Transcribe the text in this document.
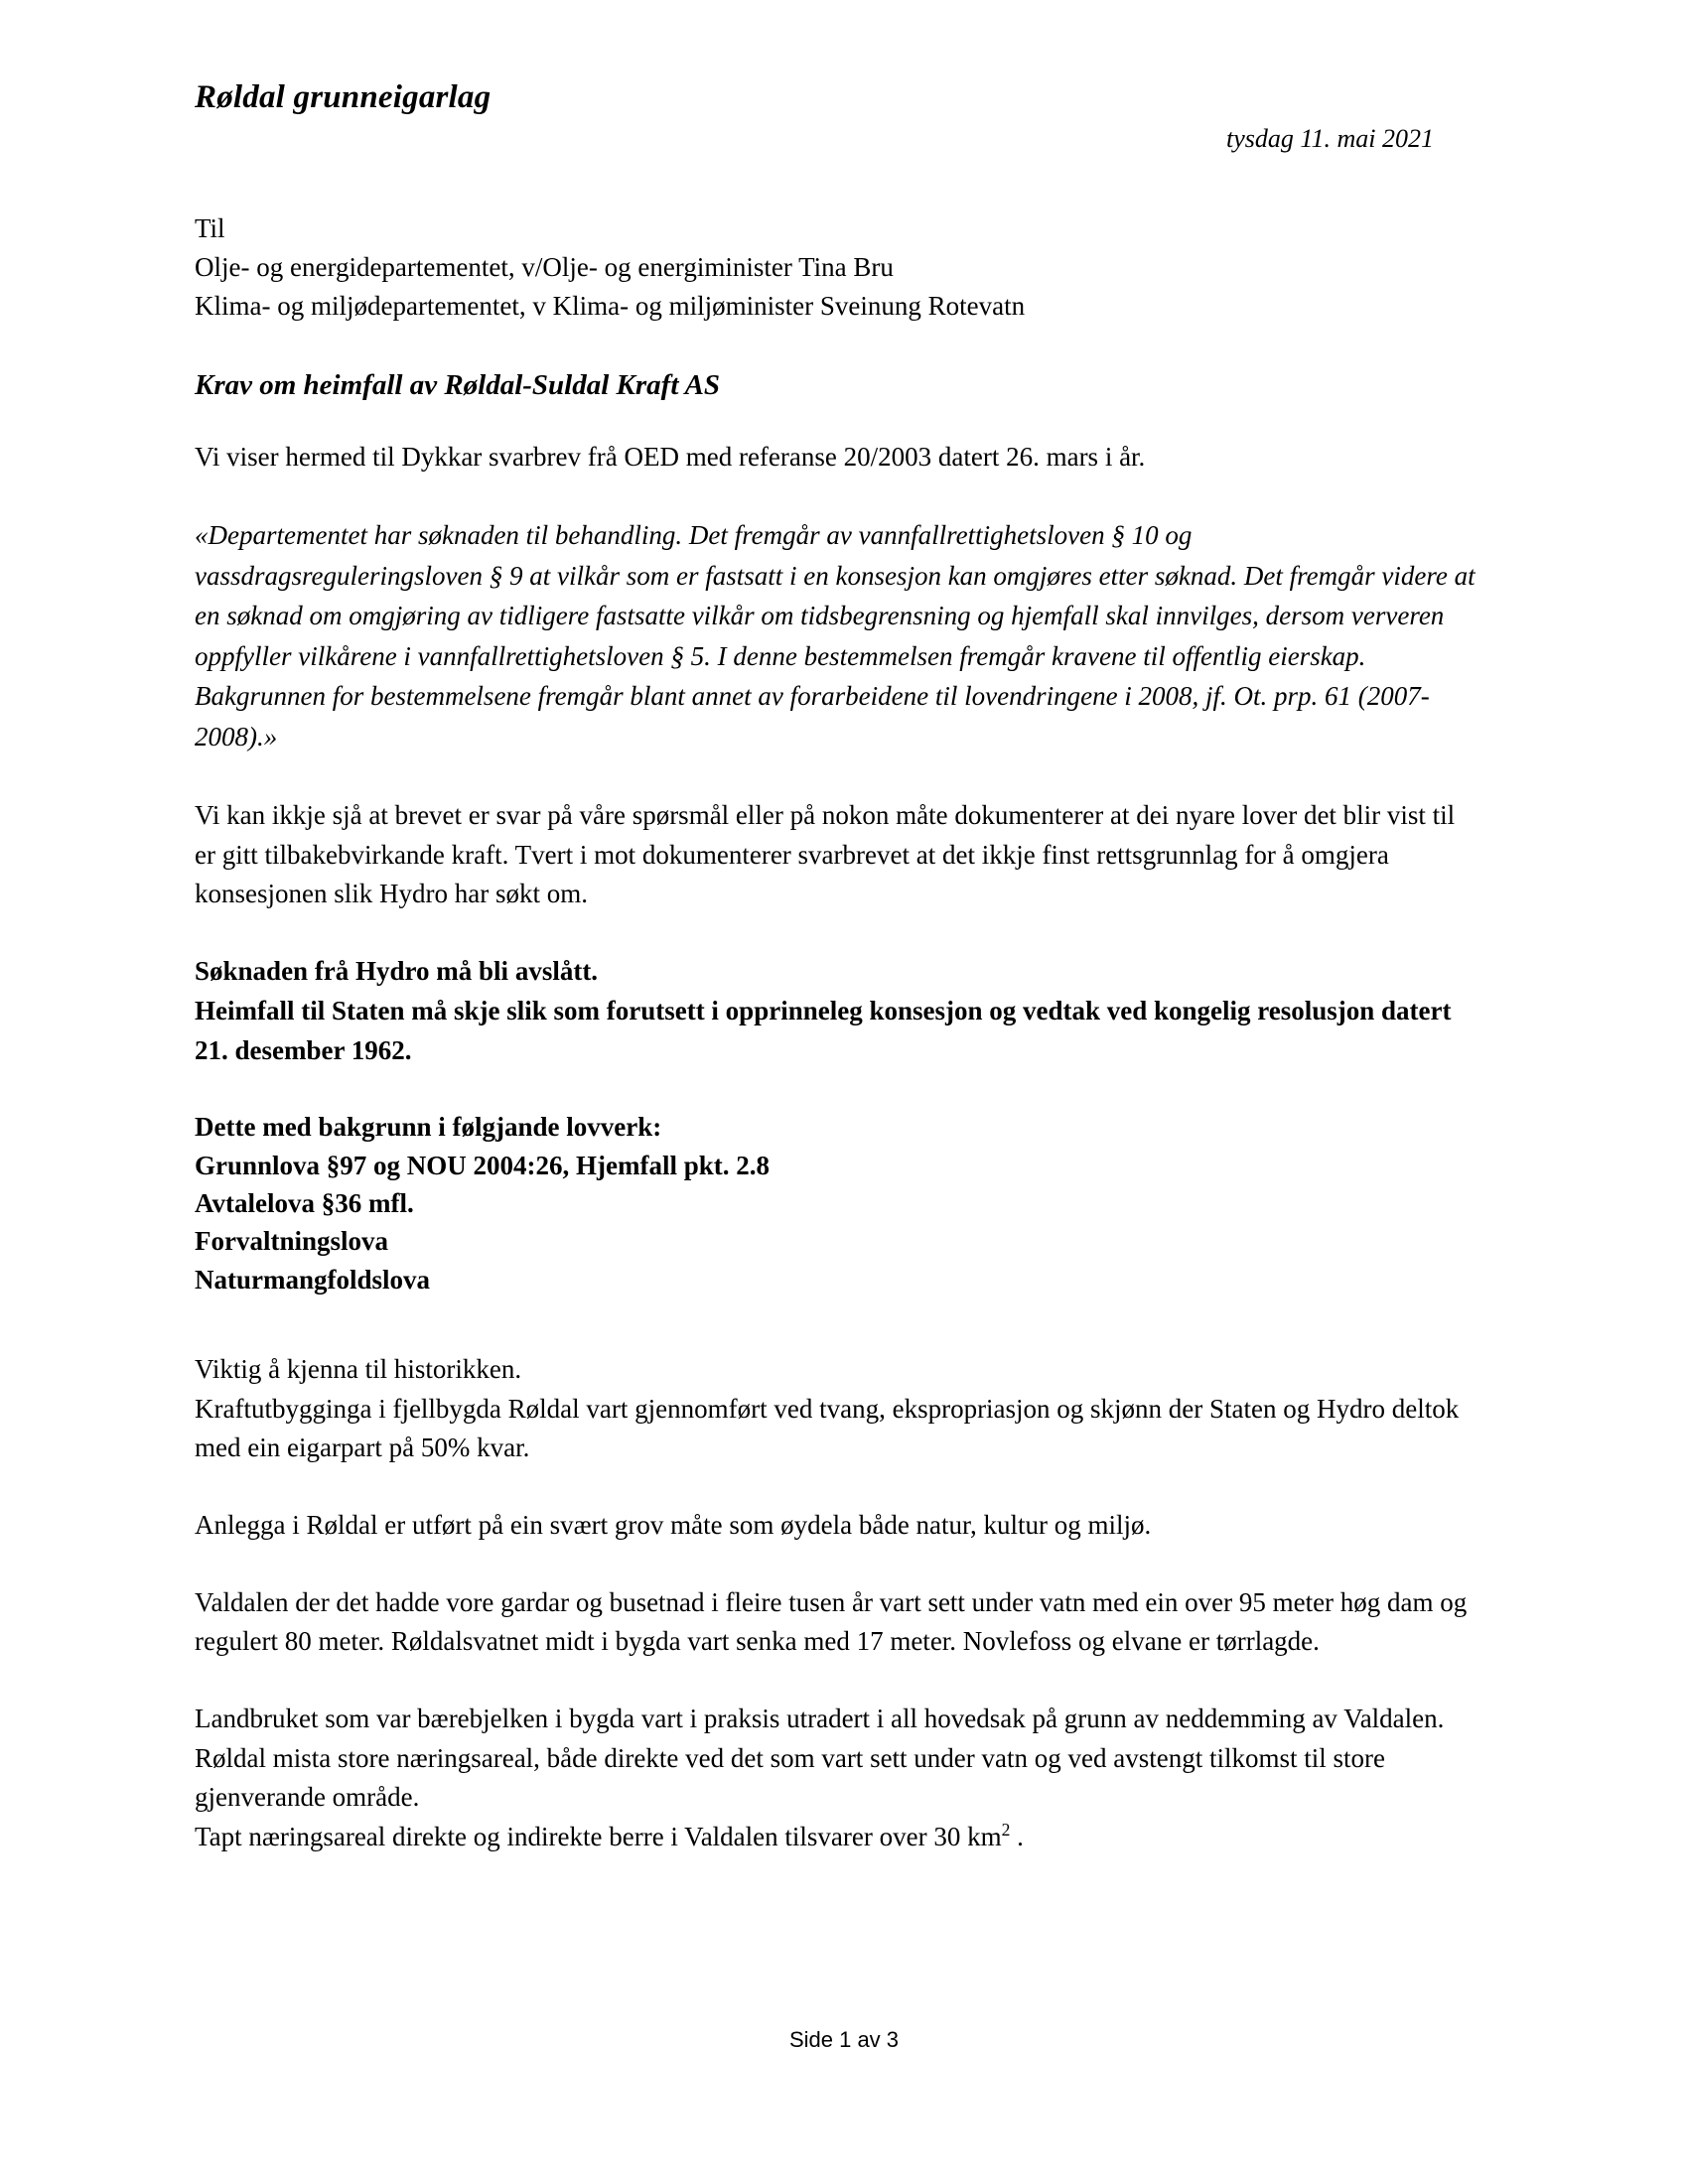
Røldal grunneigarlag
tysdag 11. mai 2021
Til
Olje- og energidepartementet, v/Olje- og energiminister Tina Bru
Klima- og miljødepartementet, v Klima- og miljøminister Sveinung Rotevatn
Krav om heimfall av Røldal-Suldal Kraft AS
Vi viser hermed til Dykkar svarbrev frå OED med referanse 20/2003 datert 26. mars i år.
«Departementet har søknaden til behandling. Det fremgår av vannfallrettighetsloven § 10 og vassdragsreguleringsloven § 9 at vilkår som er fastsatt i en konsesjon kan omgjøres etter søknad. Det fremgår videre at en søknad om omgjøring av tidligere fastsatte vilkår om tidsbegrensning og hjemfall skal innvilges, dersom ververen oppfyller vilkårene i vannfallrettighetsloven § 5. I denne bestemmelsen fremgår kravene til offentlig eierskap. Bakgrunnen for bestemmelsene fremgår blant annet av forarbeidene til lovendringene i 2008, jf. Ot. prp. 61 (2007-2008).»
Vi kan ikkje sjå at brevet er svar på våre spørsmål eller på nokon måte dokumenterer at dei nyare lover det blir vist til er gitt tilbakebvirkande kraft. Tvert i mot dokumenterer svarbrevet at det ikkje finst rettsgrunnlag for å omgjera konsesjonen slik Hydro har søkt om.
Søknaden frå Hydro må bli avslått.
Heimfall til Staten må skje slik som forutsett i opprinneleg konsesjon og vedtak ved kongelig resolusjon datert 21. desember 1962.
Dette med bakgrunn i følgjande lovverk:
Grunnlova §97 og NOU 2004:26, Hjemfall pkt. 2.8
Avtalelova §36 mfl.
Forvaltningslova
Naturmangfoldslova
Viktig å kjenna til historikken.
Kraftutbygginga i fjellbygda Røldal vart gjennomført ved tvang, ekspropriasjon og skjønn der Staten og Hydro deltok med ein eigarpart på 50% kvar.
Anlegga i Røldal er utført på ein svært grov måte som øydela både natur, kultur og miljø.
Valdalen der det hadde vore gardar og busetnad i fleire tusen år vart sett under vatn med ein over 95 meter høg dam og regulert 80 meter. Røldalsvatnet midt i bygda vart senka med 17 meter. Novlefoss og elvane er tørrlagde.
Landbruket som var bærebjelken i bygda vart i praksis utradert i all hovedsak på grunn av neddemming av Valdalen. Røldal mista store næringsareal, både direkte ved det som vart sett under vatn og ved avstengt tilkomst til store gjenverande område.
Tapt næringsareal direkte og indirekte berre i Valdalen tilsvarer over 30 $km^2$ .
Side 1 av 3
